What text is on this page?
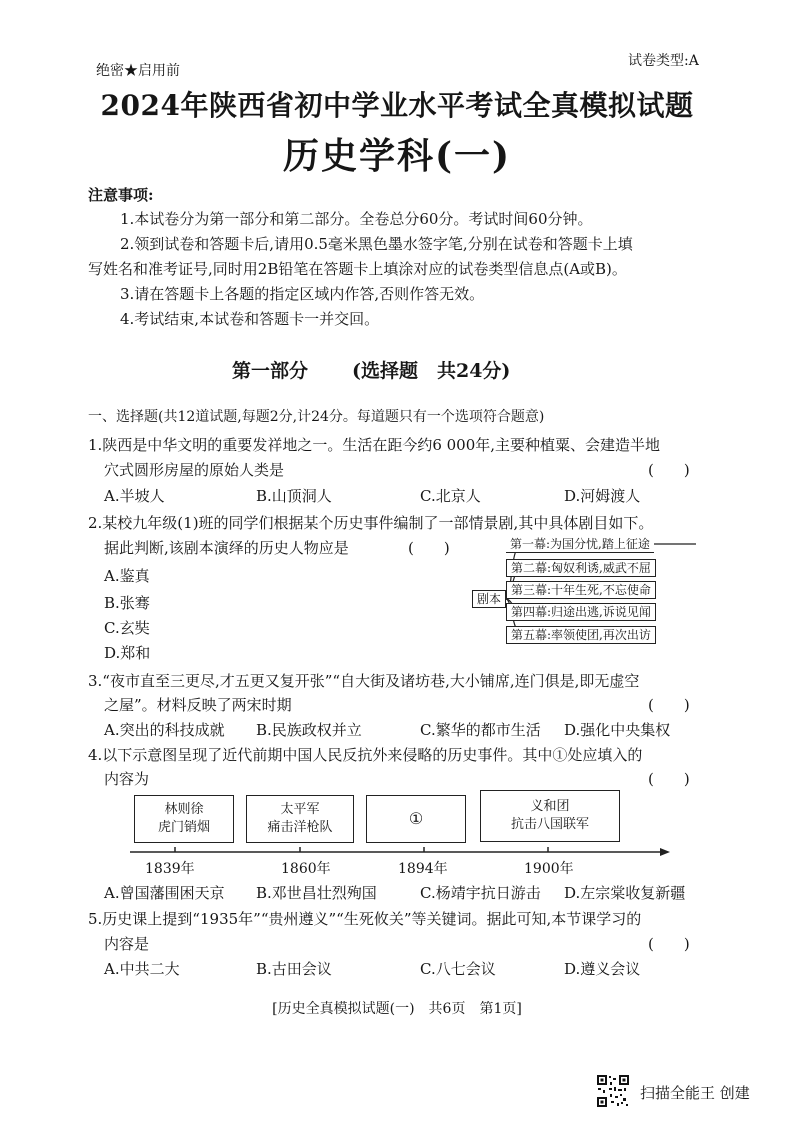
绝密★启用前
试卷类型:A
2024年陕西省初中学业水平考试全真模拟试题
历史学科(一)
注意事项:
1.本试卷分为第一部分和第二部分。全卷总分60分。考试时间60分钟。
2.领到试卷和答题卡后,请用0.5毫米黑色墨水签字笔,分别在试卷和答题卡上填
写姓名和准考证号,同时用2B铅笔在答题卡上填涂对应的试卷类型信息点(A或B)。
3.请在答题卡上各题的指定区域内作答,否则作答无效。
4.考试结束,本试卷和答题卡一并交回。
第一部分 (选择题　共24分)
一、选择题(共12道试题,每题2分,计24分。每道题只有一个选项符合题意)
1.陕西是中华文明的重要发祥地之一。生活在距今约6 000年,主要种植粟、会建造半地
穴式圆形房屋的原始人类是	(　　)
A.半坡人	B.山顶洞人	C.北京人	D.河姆渡人
2.某校九年级(1)班的同学们根据某个历史事件编制了一部情景剧,其中具体剧目如下。
据此判断,该剧本演绎的历史人物应是	(　　)
A.鉴真
B.张骞
C.玄奘
D.郑和
剧本
第一幕:为国分忧,踏上征途
第二幕:匈奴利诱,威武不屈
第三幕:十年生死,不忘使命
第四幕:归途出逃,诉说见闻
第五幕:率领使团,再次出访
3.“夜市直至三更尽,才五更又复开张”“自大街及诸坊巷,大小铺席,连门俱是,即无虚空
之屋”。材料反映了两宋时期	(　　)
A.突出的科技成就 B.民族政权并立	C.繁华的都市生活 D.强化中央集权
4.以下示意图呈现了近代前期中国人民反抗外来侵略的历史事件。其中①处应填入的
内容为	(　　)
林则徐
虎门销烟
太平军
痛击洋枪队	①
义和团
抗击八国联军
1839年	1860年	1894年	1900年
A.曾国藩围困天京 B.邓世昌壮烈殉国	C.杨靖宇抗日游击 D.左宗棠收复新疆
5.历史课上提到“1935年”“贵州遵义”“生死攸关”等关键词。据此可知,本节课学习的
内容是	(　　)
A.中共二大	B.古田会议	C.八七会议	D.遵义会议
[历史全真模拟试题(一)　共6页　第1页]
扫描全能王 创建
